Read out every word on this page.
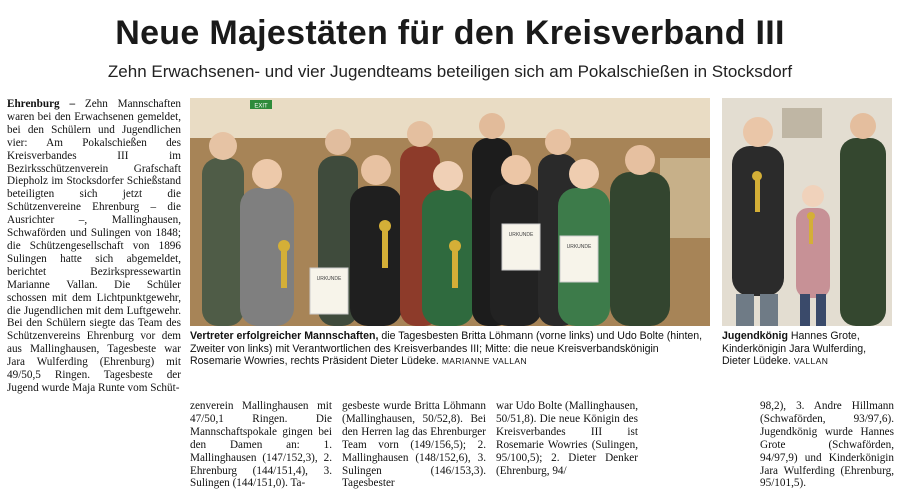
Neue Majestäten für den Kreisverband III
Zehn Erwachsenen- und vier Jugendteams beteiligen sich am Pokalschießen in Stocksdorf
Ehrenburg – Zehn Mannschaften waren bei den Erwachsenen gemeldet, bei den Schülern und Jugendlichen vier: Am Pokalschießen des Kreisverbandes III im Bezirksschützenverein Grafschaft Diepholz im Stocksdorfer Schießstand beteiligten sich jetzt die Schützenvereine Ehrenburg – die Ausrichter –, Mallinghausen, Schwaförden und Sulingen von 1848; die Schützengesellschaft von 1896 Sulingen hatte sich abgemeldet, berichtet Bezirkspressewartin Marianne Vallan. Die Schüler schossen mit dem Lichtpunktgewehr, die Jugendlichen mit dem Luftgewehr. Bei den Schülern siegte das Team des Schützenvereins Ehrenburg vor dem aus Mallinghausen, Tagesbeste war Jara Wulferding (Ehrenburg) mit 49/50,5 Ringen. Tagesbeste der Jugend wurde Maja Runte vom Schüt-
EXIT
URKUNDE
URKUNDE
URKUNDE
Vertreter erfolgreicher Mannschaften, die Tagesbesten Britta Löhmann (vorne links) und Udo Bolte (hinten, Zweiter von links) mit Verantwortlichen des Kreisverbandes III; Mitte: die neue Kreisverbandskönigin Rosemarie Wowries, rechts Präsident Dieter Lüdeke. MARIANNE VALLAN
Jugendkönig Hannes Grote, Kinderkönigin Jara Wulferding, Dieter Lüdeke. VALLAN
zenverein Mallinghausen mit 47/50,1 Ringen. Die Mannschaftspokale gingen bei den Damen an: 1. Mallinghausen (147/152,3), 2. Ehrenburg (144/151,4), 3. Sulingen (144/151,0). Ta-
gesbeste wurde Britta Löhmann (Mallinghausen, 50/52,8). Bei den Herren lag das Ehrenburger Team vorn (149/156,5); 2. Mallinghausen (148/152,6), 3. Sulingen (146/153,3). Tagesbester
war Udo Bolte (Mallinghausen, 50/51,8). Die neue Königin des Kreisverbandes III ist Rosemarie Wowries (Sulingen, 95/100,5); 2. Dieter Denker (Ehrenburg, 94/
98,2), 3. Andre Hillmann (Schwaförden, 93/97,6). Jugendkönig wurde Hannes Grote (Schwaförden, 94/97,9) und Kinderkönigin Jara Wulferding (Ehrenburg, 95/101,5).
